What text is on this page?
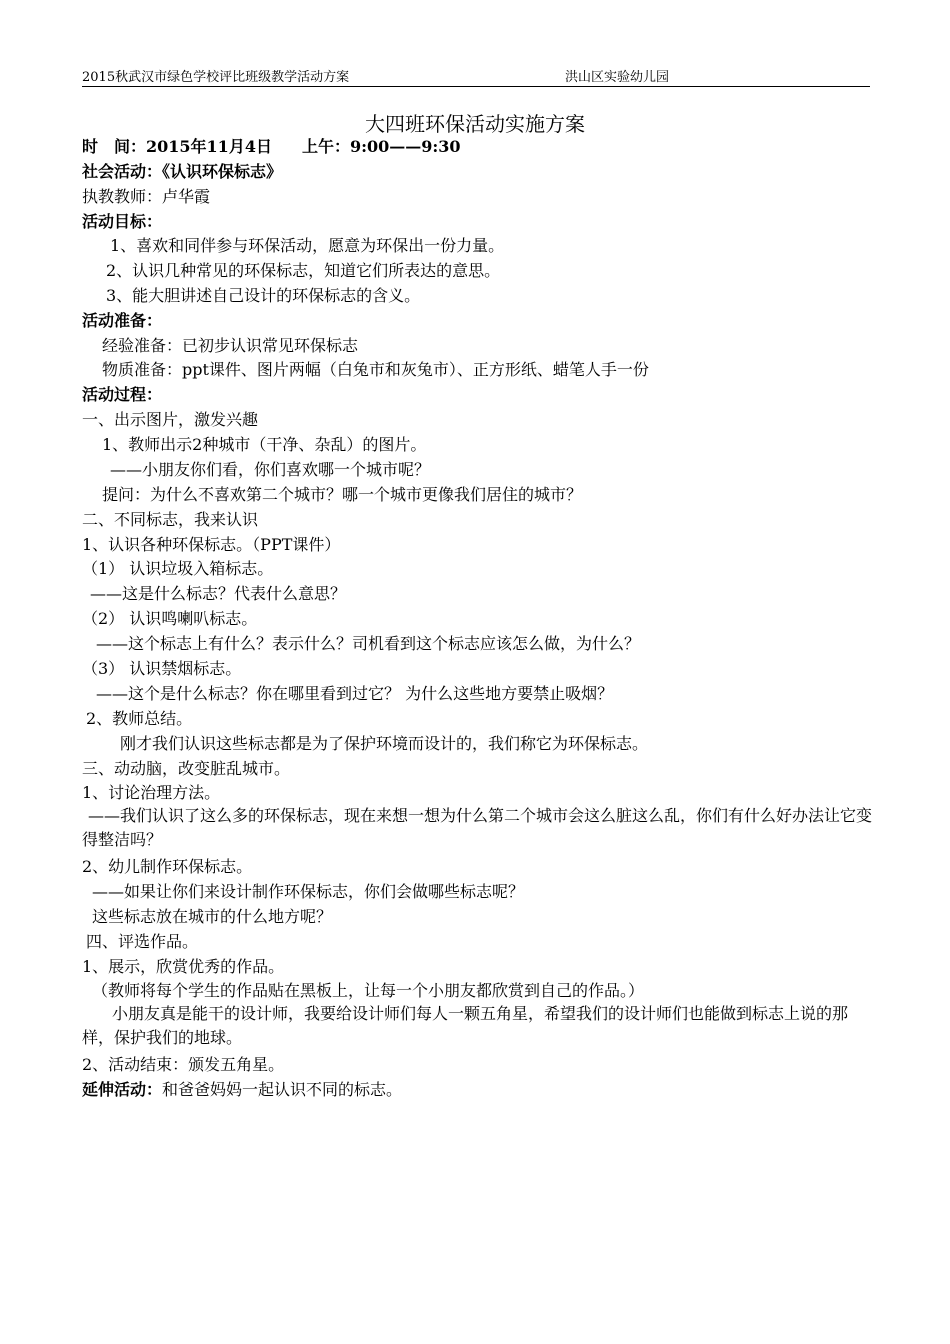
2015秋武汉市绿色学校评比班级教学活动方案	洪山区实验幼儿园
大四班环保活动实施方案
时　间：2015年11月4日 上午：9:00——9:30
社会活动：《认识环保标志》
执教教师：卢华霞
活动目标：
1、喜欢和同伴参与环保活动，愿意为环保出一份力量。
2、认识几种常见的环保标志，知道它们所表达的意思。
3、能大胆讲述自己设计的环保标志的含义。
活动准备：
经验准备：已初步认识常见环保标志
物质准备：ppt课件、图片两幅（白兔市和灰兔市）、正方形纸、蜡笔人手一份
活动过程：
一、出示图片，激发兴趣
1、教师出示2种城市（干净、杂乱）的图片。
——小朋友你们看，你们喜欢哪一个城市呢？
提问：为什么不喜欢第二个城市？哪一个城市更像我们居住的城市？
二、不同标志，我来认识
1、认识各种环保标志。（PPT课件）
（1） 认识垃圾入箱标志。
——这是什么标志？代表什么意思？
（2） 认识鸣喇叭标志。
——这个标志上有什么？表示什么？司机看到这个标志应该怎么做，为什么？
（3） 认识禁烟标志。
——这个是什么标志？你在哪里看到过它？ 为什么这些地方要禁止吸烟？
2、教师总结。
刚才我们认识这些标志都是为了保护环境而设计的，我们称它为环保标志。
三、动动脑，改变脏乱城市。
1、讨论治理方法。
——我们认识了这么多的环保标志，现在来想一想为什么第二个城市会这么脏这么乱，你们有什么好办法让它变得整洁吗？
2、幼儿制作环保标志。
——如果让你们来设计制作环保标志，你们会做哪些标志呢？
这些标志放在城市的什么地方呢？
四、评选作品。
1、展示，欣赏优秀的作品。
（教师将每个学生的作品贴在黑板上，让每一个小朋友都欣赏到自己的作品。）
小朋友真是能干的设计师，我要给设计师们每人一颗五角星，希望我们的设计师们也能做到标志上说的那样，保护我们的地球。
2、活动结束：颁发五角星。
延伸活动：和爸爸妈妈一起认识不同的标志。
